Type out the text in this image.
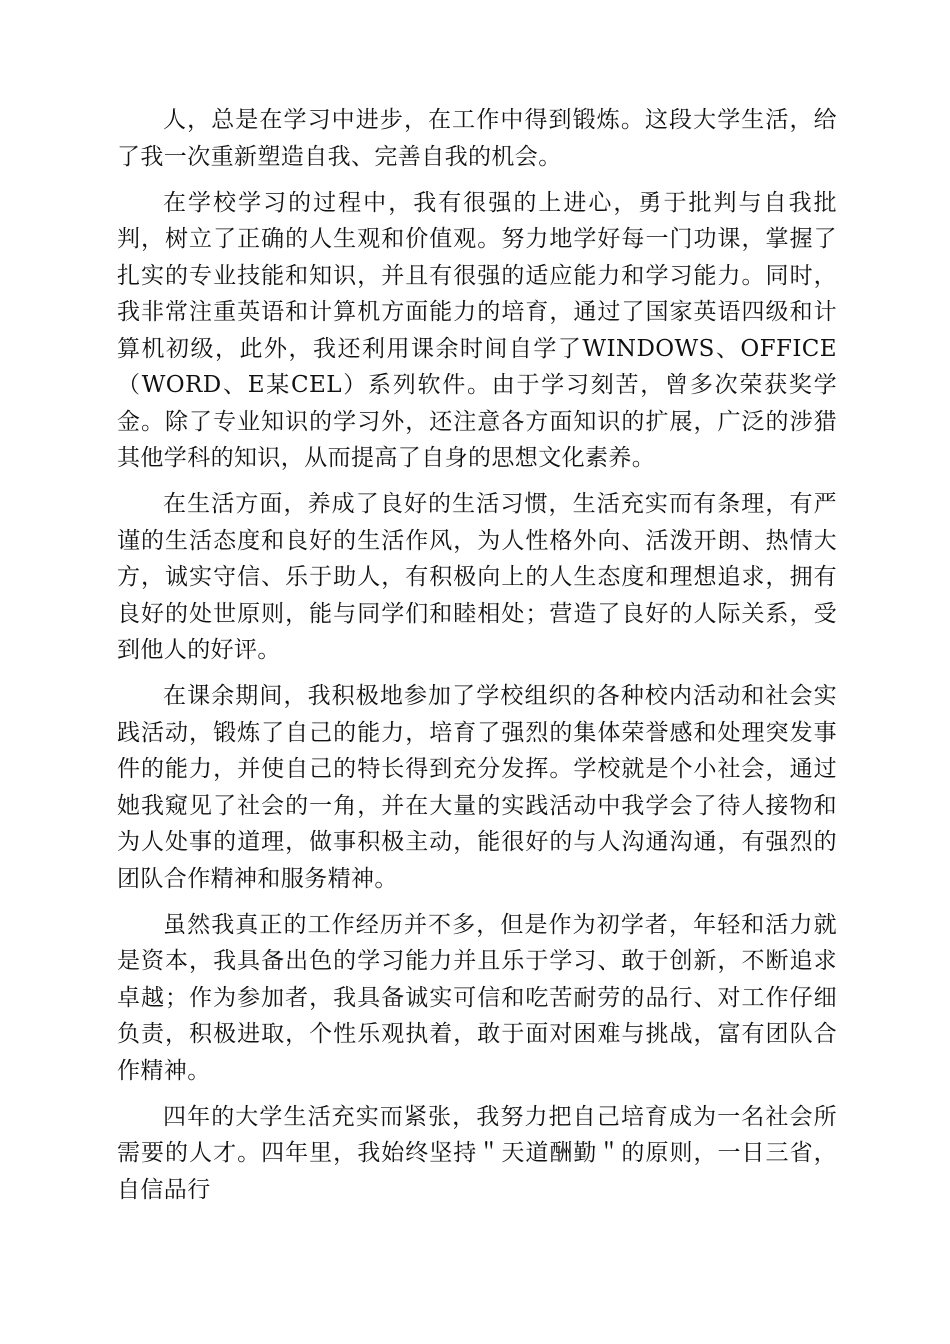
人，总是在学习中进步，在工作中得到锻炼。这段大学生活，给了我一次重新塑造自我、完善自我的机会。

在学校学习的过程中，我有很强的上进心，勇于批判与自我批判，树立了正确的人生观和价值观。努力地学好每一门功课，掌握了扎实的专业技能和知识，并且有很强的适应能力和学习能力。同时，我非常注重英语和计算机方面能力的培育，通过了国家英语四级和计算机初级，此外，我还利用课余时间自学了WINDOWS、OFFICE（WORD、E某CEL）系列软件。由于学习刻苦，曾多次荣获奖学金。除了专业知识的学习外，还注意各方面知识的扩展，广泛的涉猎其他学科的知识，从而提高了自身的思想文化素养。

在生活方面，养成了良好的生活习惯，生活充实而有条理，有严谨的生活态度和良好的生活作风，为人性格外向、活泼开朗、热情大方，诚实守信、乐于助人，有积极向上的人生态度和理想追求，拥有良好的处世原则，能与同学们和睦相处；营造了良好的人际关系，受到他人的好评。

在课余期间，我积极地参加了学校组织的各种校内活动和社会实践活动，锻炼了自己的能力，培育了强烈的集体荣誉感和处理突发事件的能力，并使自己的特长得到充分发挥。学校就是个小社会，通过她我窥见了社会的一角，并在大量的实践活动中我学会了待人接物和为人处事的道理，做事积极主动，能很好的与人沟通沟通，有强烈的团队合作精神和服务精神。

虽然我真正的工作经历并不多，但是作为初学者，年轻和活力就是资本，我具备出色的学习能力并且乐于学习、敢于创新，不断追求卓越；作为参加者，我具备诚实可信和吃苦耐劳的品行、对工作仔细负责，积极进取，个性乐观执着，敢于面对困难与挑战，富有团队合作精神。

四年的大学生活充实而紧张，我努力把自己培育成为一名社会所需要的人才。四年里，我始终坚持＂天道酬勤＂的原则，一日三省，自信品行
